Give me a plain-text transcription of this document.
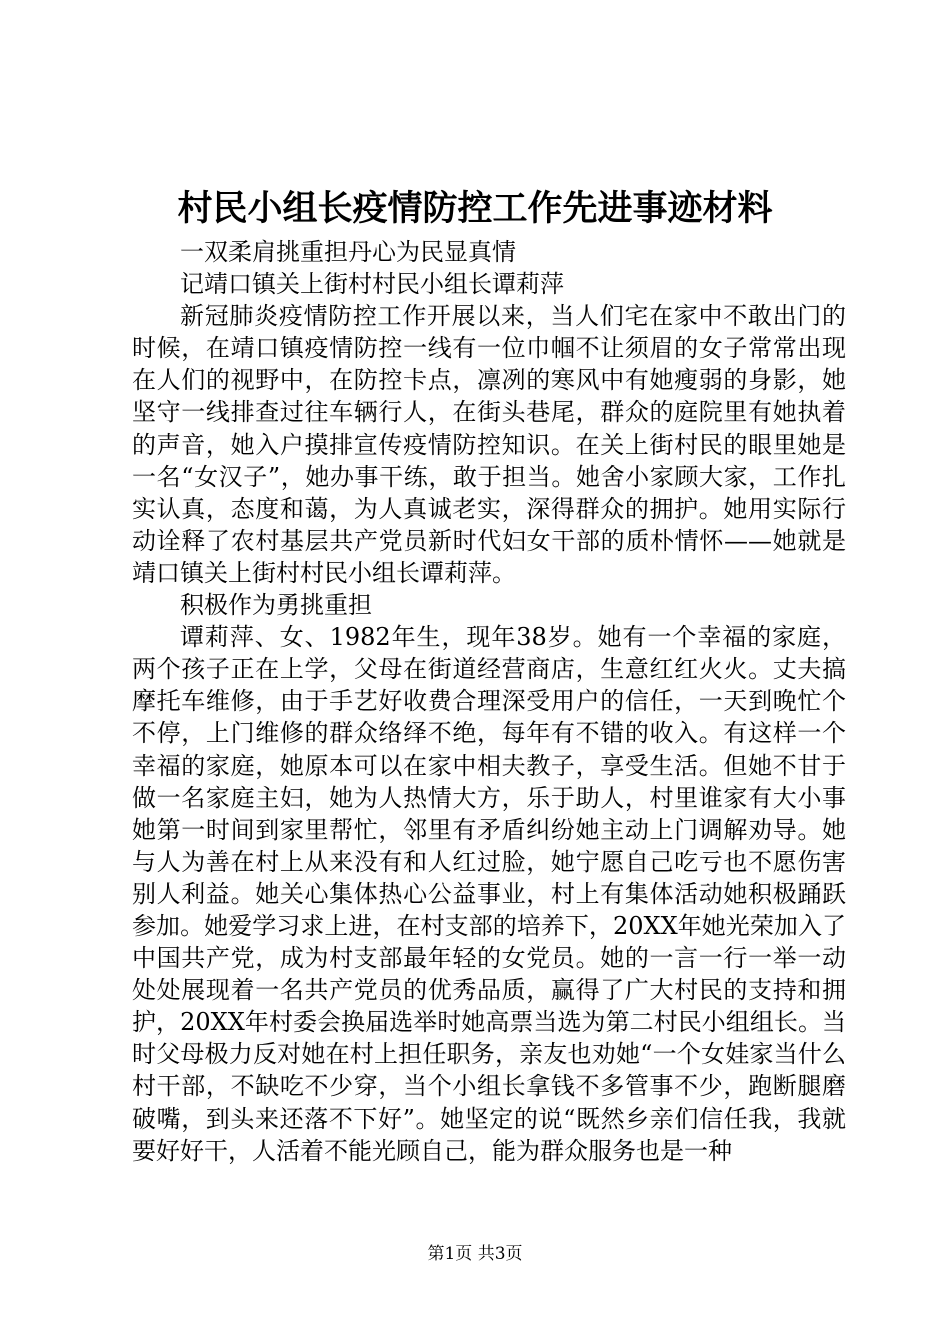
村民小组长疫情防控工作先进事迹材料

一双柔肩挑重担丹心为民显真情

记靖口镇关上街村村民小组长谭莉萍

新冠肺炎疫情防控工作开展以来，当人们宅在家中不敢出门的时候，在靖口镇疫情防控一线有一位巾帼不让须眉的女子常常出现在人们的视野中，在防控卡点，凛冽的寒风中有她瘦弱的身影，她坚守一线排查过往车辆行人，在街头巷尾，群众的庭院里有她执着的声音，她入户摸排宣传疫情防控知识。在关上街村民的眼里她是一名“女汉子”，她办事干练，敢于担当。她舍小家顾大家，工作扎实认真，态度和蔼，为人真诚老实，深得群众的拥护。她用实际行动诠释了农村基层共产党员新时代妇女干部的质朴情怀——她就是靖口镇关上街村村民小组长谭莉萍。

积极作为勇挑重担

谭莉萍、女、1982年生，现年38岁。她有一个幸福的家庭，两个孩子正在上学，父母在街道经营商店，生意红红火火。丈夫搞摩托车维修，由于手艺好收费合理深受用户的信任，一天到晚忙个不停，上门维修的群众络绎不绝，每年有不错的收入。有这样一个幸福的家庭，她原本可以在家中相夫教子，享受生活。但她不甘于做一名家庭主妇，她为人热情大方，乐于助人，村里谁家有大小事她第一时间到家里帮忙，邻里有矛盾纠纷她主动上门调解劝导。她与人为善在村上从来没有和人红过脸，她宁愿自己吃亏也不愿伤害别人利益。她关心集体热心公益事业，村上有集体活动她积极踊跃参加。她爱学习求上进，在村支部的培养下，20XX年她光荣加入了中国共产党，成为村支部最年轻的女党员。她的一言一行一举一动处处展现着一名共产党员的优秀品质，赢得了广大村民的支持和拥护，20XX年村委会换届选举时她高票当选为第二村民小组组长。当时父母极力反对她在村上担任职务，亲友也劝她“一个女娃家当什么村干部，不缺吃不少穿，当个小组长拿钱不多管事不少，跑断腿磨破嘴，到头来还落不下好”。她坚定的说“既然乡亲们信任我，我就要好好干，人活着不能光顾自己，能为群众服务也是一种

第1页 共3页
